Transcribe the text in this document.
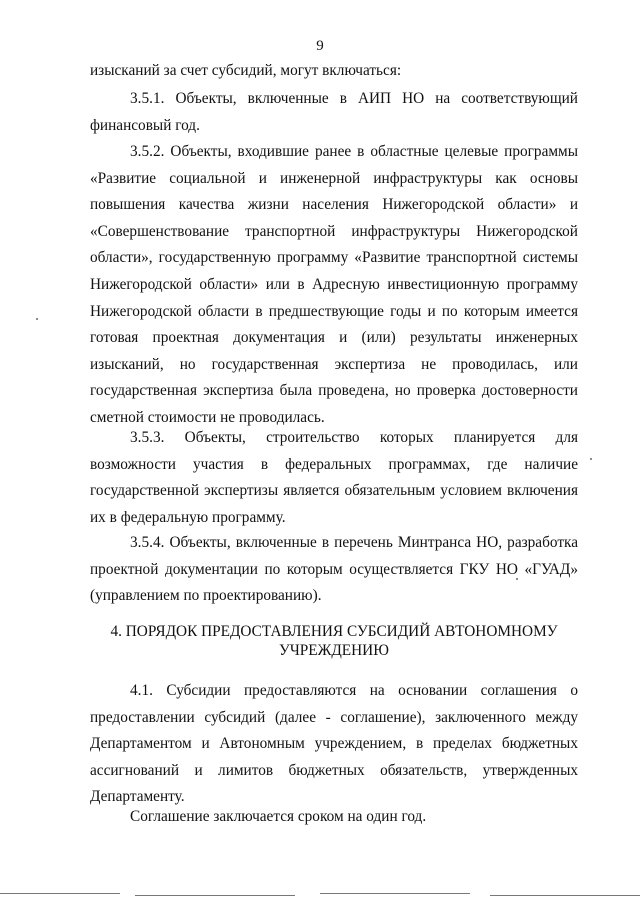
9
изысканий за счет субсидий, могут включаться:
3.5.1. Объекты, включенные в АИП НО на соответствующий
финансовый год.
3.5.2. Объекты, входившие ранее в областные целевые программы
«Развитие социальной и инженерной инфраструктуры как основы
повышения качества жизни населения Нижегородской области» и
«Совершенствование транспортной инфраструктуры Нижегородской
области», государственную программу «Развитие транспортной системы
Нижегородской области» или в Адресную инвестиционную программу
Нижегородской области в предшествующие годы и по которым имеется
готовая проектная документация и (или) результаты инженерных
изысканий, но государственная экспертиза не проводилась, или
государственная экспертиза была проведена, но проверка достоверности
сметной стоимости не проводилась.
3.5.3. Объекты, строительство которых планируется для
возможности участия в федеральных программах, где наличие
государственной экспертизы является обязательным условием включения
их в федеральную программу.
3.5.4. Объекты, включенные в перечень Минтранса НО, разработка
проектной документации по которым осуществляется ГКУ НО «ГУАД»
(управлением по проектированию).
4. ПОРЯДОК ПРЕДОСТАВЛЕНИЯ СУБСИДИЙ АВТОНОМНОМУ
УЧРЕЖДЕНИЮ
4.1. Субсидии предоставляются на основании соглашения о
предоставлении субсидий (далее - соглашение), заключенного между
Департаментом и Автономным учреждением, в пределах бюджетных
ассигнований и лимитов бюджетных обязательств, утвержденных
Департаменту.
Соглашение заключается сроком на один год.
